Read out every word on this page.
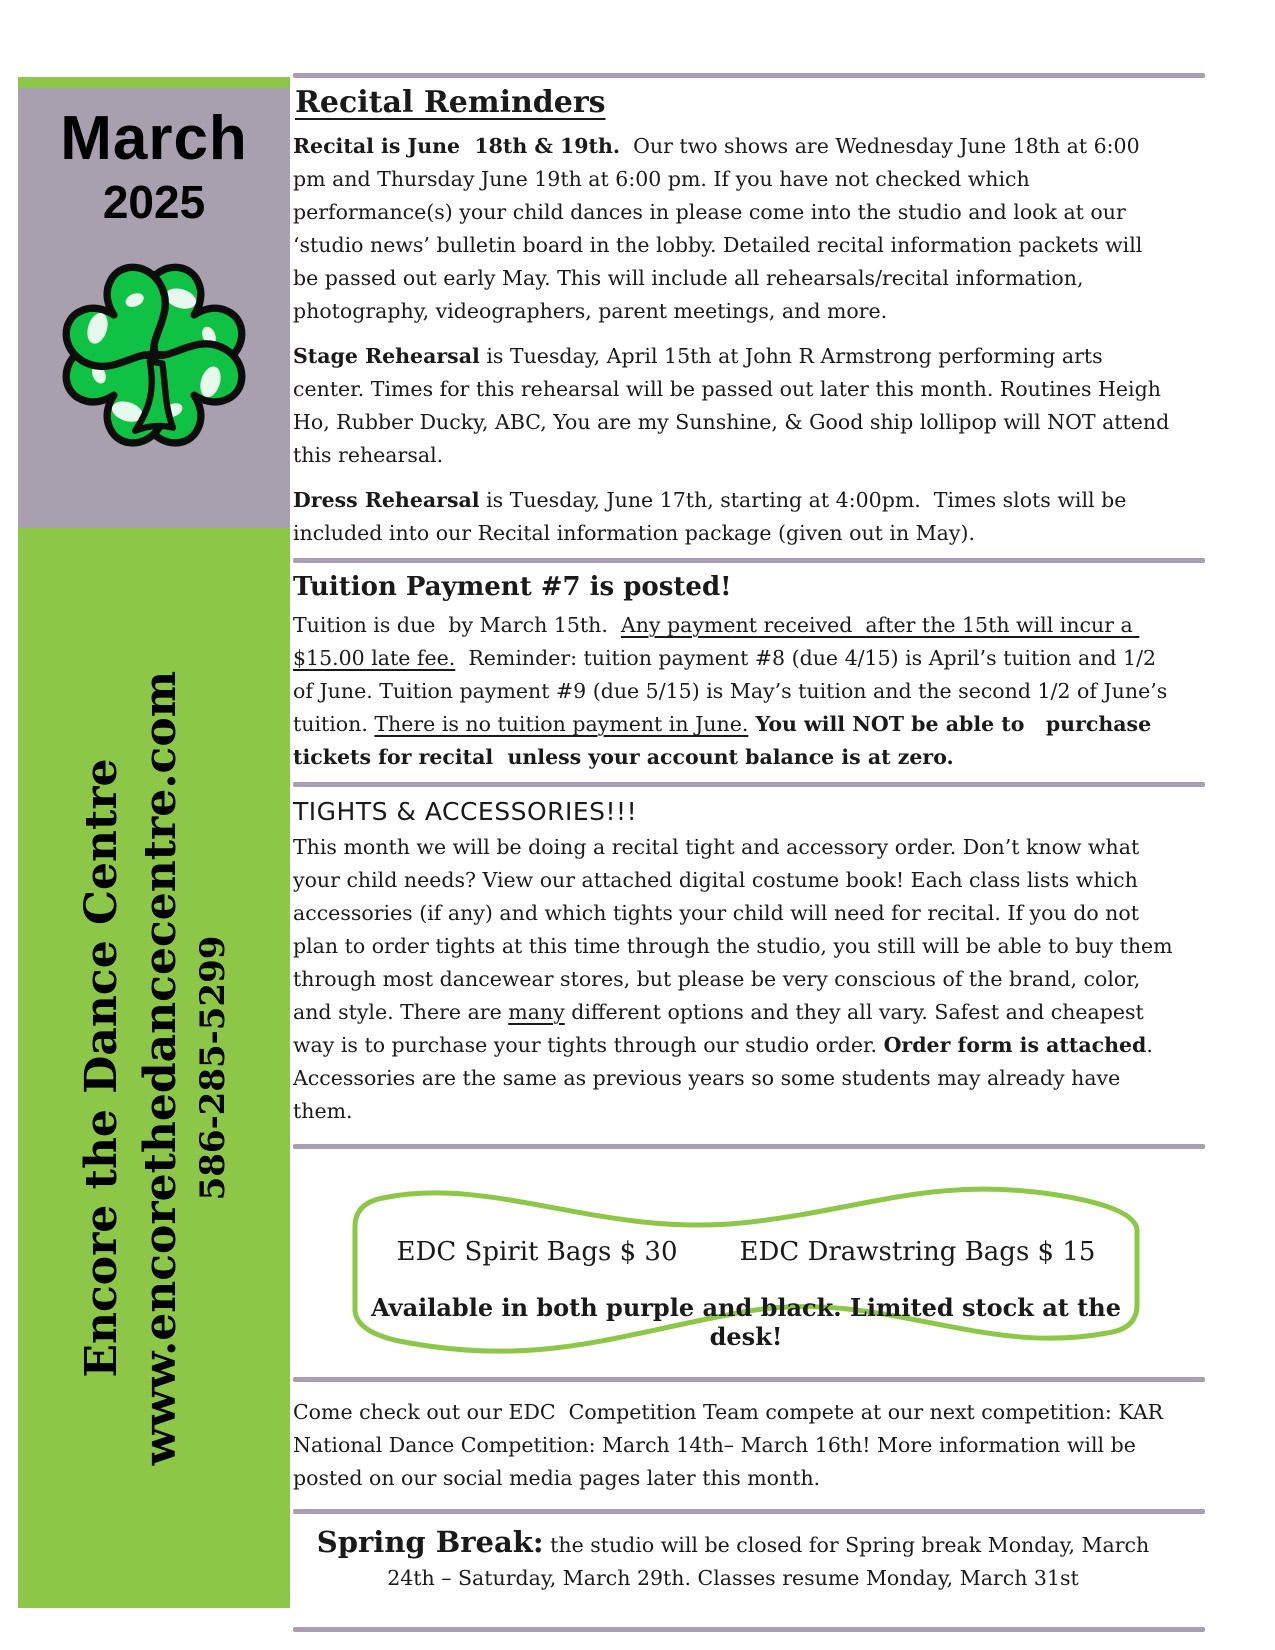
March
2025
Encore the Dance Centre www.encorethedancecentre.com 586-285-5299
Recital Reminders

Recital is June  18th & 19th.  Our two shows are Wednesday June 18th at 6:00 pm and Thursday June 19th at 6:00 pm. If you have not checked which performance(s) your child dances in please come into the studio and look at our ‘studio news’ bulletin board in the lobby. Detailed recital information packets will be passed out early May. This will include all rehearsals/recital information, photography, videographers, parent meetings, and more.

Stage Rehearsal is Tuesday, April 15th at John R Armstrong performing arts center. Times for this rehearsal will be passed out later this month. Routines Heigh Ho, Rubber Ducky, ABC, You are my Sunshine, & Good ship lollipop will NOT attend this rehearsal.

Dress Rehearsal is Tuesday, June 17th, starting at 4:00pm.  Times slots will be included into our Recital information package (given out in May).

Tuition Payment #7 is posted!

Tuition is due  by March 15th.  Any payment received  after the 15th will incur a $15.00 late fee.  Reminder: tuition payment #8 (due 4/15) is April’s tuition and 1/2 of June. Tuition payment #9 (due 5/15) is May’s tuition and the second 1/2 of June’s tuition. There is no tuition payment in June. You will NOT be able to   purchase tickets for recital  unless your account balance is at zero.

TIGHTS & ACCESSORIES!!!

This month we will be doing a recital tight and accessory order. Don’t know what your child needs? View our attached digital costume book! Each class lists which accessories (if any) and which tights your child will need for recital. If you do not plan to order tights at this time through the studio, you still will be able to buy them through most dancewear stores, but please be very conscious of the brand, color, and style. There are many different options and they all vary. Safest and cheapest way is to purchase your tights through our studio order. Order form is attached. Accessories are the same as previous years so some students may already have them.

EDC Spirit Bags $ 30 EDC Drawstring Bags $ 15
Available in both purple and black. Limited stock at the desk!

Come check out our EDC  Competition Team compete at our next competition: KAR National Dance Competition: March 14th– March 16th! More information will be posted on our social media pages later this month.

Spring Break: the studio will be closed for Spring break Monday, March 24th – Saturday, March 29th. Classes resume Monday, March 31st
